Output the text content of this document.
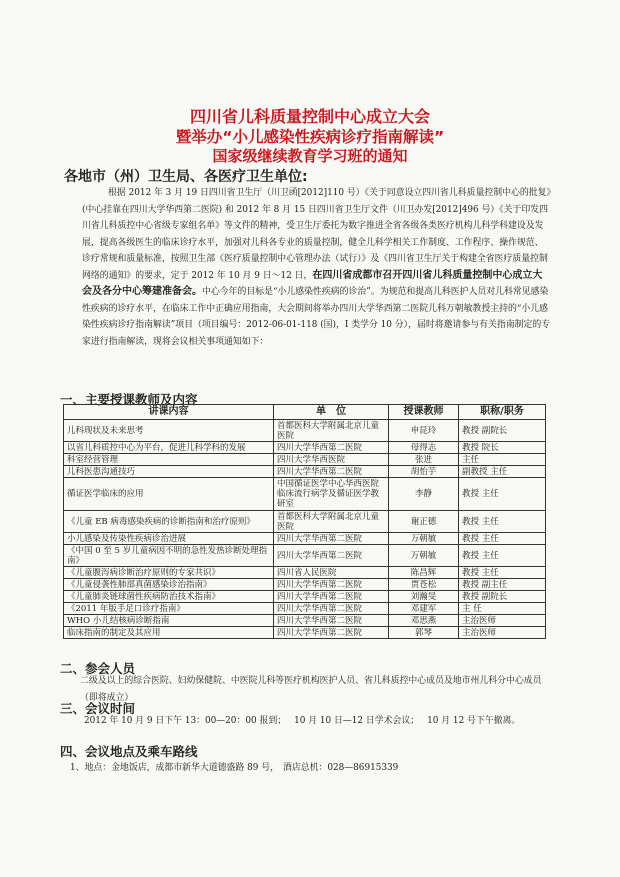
四川省儿科质量控制中心成立大会
暨举办“小儿感染性疾病诊疗指南解读”
国家级继续教育学习班的通知
各地市（州）卫生局、各医疗卫生单位:

根据 2012 年 3 月 19 日四川省卫生厅（川卫函[2012]110 号）《关于同意设立四川省儿科质量控制中心的批复》(中心挂靠在四川大学华西第二医院) 和 2012 年 8 月 15 日四川省卫生厅文件（川卫办发[2012]496 号）《关于印发四川省儿科质控中心省级专家组名单》等文件的精神，受卫生厅委托为数字推进全省各级各类医疗机构儿科学科建设及发展，提高各级医生的临床诊疗水平，加强对儿科各专业的质量控制，健全儿科学相关工作制度、工作程序、操作规范、诊疗常规和质量标准，按照卫生部《医疗质量控制中心管理办法（试行）》及《四川省卫生厅关于构建全省医疗质量控制网络的通知》的要求，定于 2012 年 10 月 9 日～12 日，在四川省成都市召开四川省儿科质量控制中心成立大会及各分中心筹建准备会。中心今年的目标是“小儿感染性疾病的诊治”。为规范和提高儿科医护人员对儿科常见感染性疾病的诊疗水平，在临床工作中正确应用指南，大会期间将举办四川大学华西第二医院儿科万朝敏教授主持的“小儿感染性疾病诊疗指南解读”项目（项目编号：2012-06-01-118 (国)，I 类学分 10 分），届时将邀请参与有关指南制定的专家进行指南解读，现将会议相关事项通知如下：

一、主要授课教师及内容
讲课内容	单　位	授课教师	职称/职务
儿科现状及未来思考	首都医科大学附属北京儿童医院	申昆玲	教授 副院长
以省儿科质控中心为平台，促进儿科学科的发展	四川大学华西第二医院	母得志	教授 院长
科室经营管理	四川大学华西医院	张进	主任
儿科医患沟通技巧	四川大学华西第二医院	胡怡芋	副教授 主任
循证医学临床的应用	中国循证医学中心华西医院临床流行病学及循证医学教研室	李静	教授 主任
《儿童 EB 病毒感染疾病的诊断指南和治疗原则》	首都医科大学附属北京儿童医院	谢正德	教授 主任
小儿感染及传染性疾病诊治进展	四川大学华西第二医院	万朝敏	教授 主任
《中国 0 至 5 岁儿童病因不明的急性发热诊断处理指南》	四川大学华西第二医院	万朝敏	教授 主任
《儿童腹泻病诊断治疗原则的专家共识》	四川省人民医院	陈昌辉	教授 主任
《儿童侵袭性肺部真菌感染诊治指南》	四川大学华西第二医院	贾苍松	教授 副主任
《儿童肺炎链球菌性疾病防治技术指南》	四川大学华西第二医院	刘瀚旻	教授 副院长
《2011 年版手足口诊疗指南》	四川大学华西第二医院	邓建军	主 任
WHO 小儿结核病诊断指南	四川大学华西第二医院	邓思燕	主治医师
临床指南的制定及其应用	四川大学华西第二医院	郭琴	主治医师
二、参会人员

二级及以上的综合医院、妇幼保健院、中医院儿科等医疗机构医护人员、省儿科质控中心成员及地市州儿科分中心成员（即将成立）

三、会议时间

2012 年 10 月 9 日下午 13：00—20：00 报到； 10 月 10 日—12 日学术会议； 10 月 12 号下午撤离。

四、会议地点及乘车路线

1、地点：金地饭店，成都市新华大道德盛路 89 号， 酒店总机：028—86915339
